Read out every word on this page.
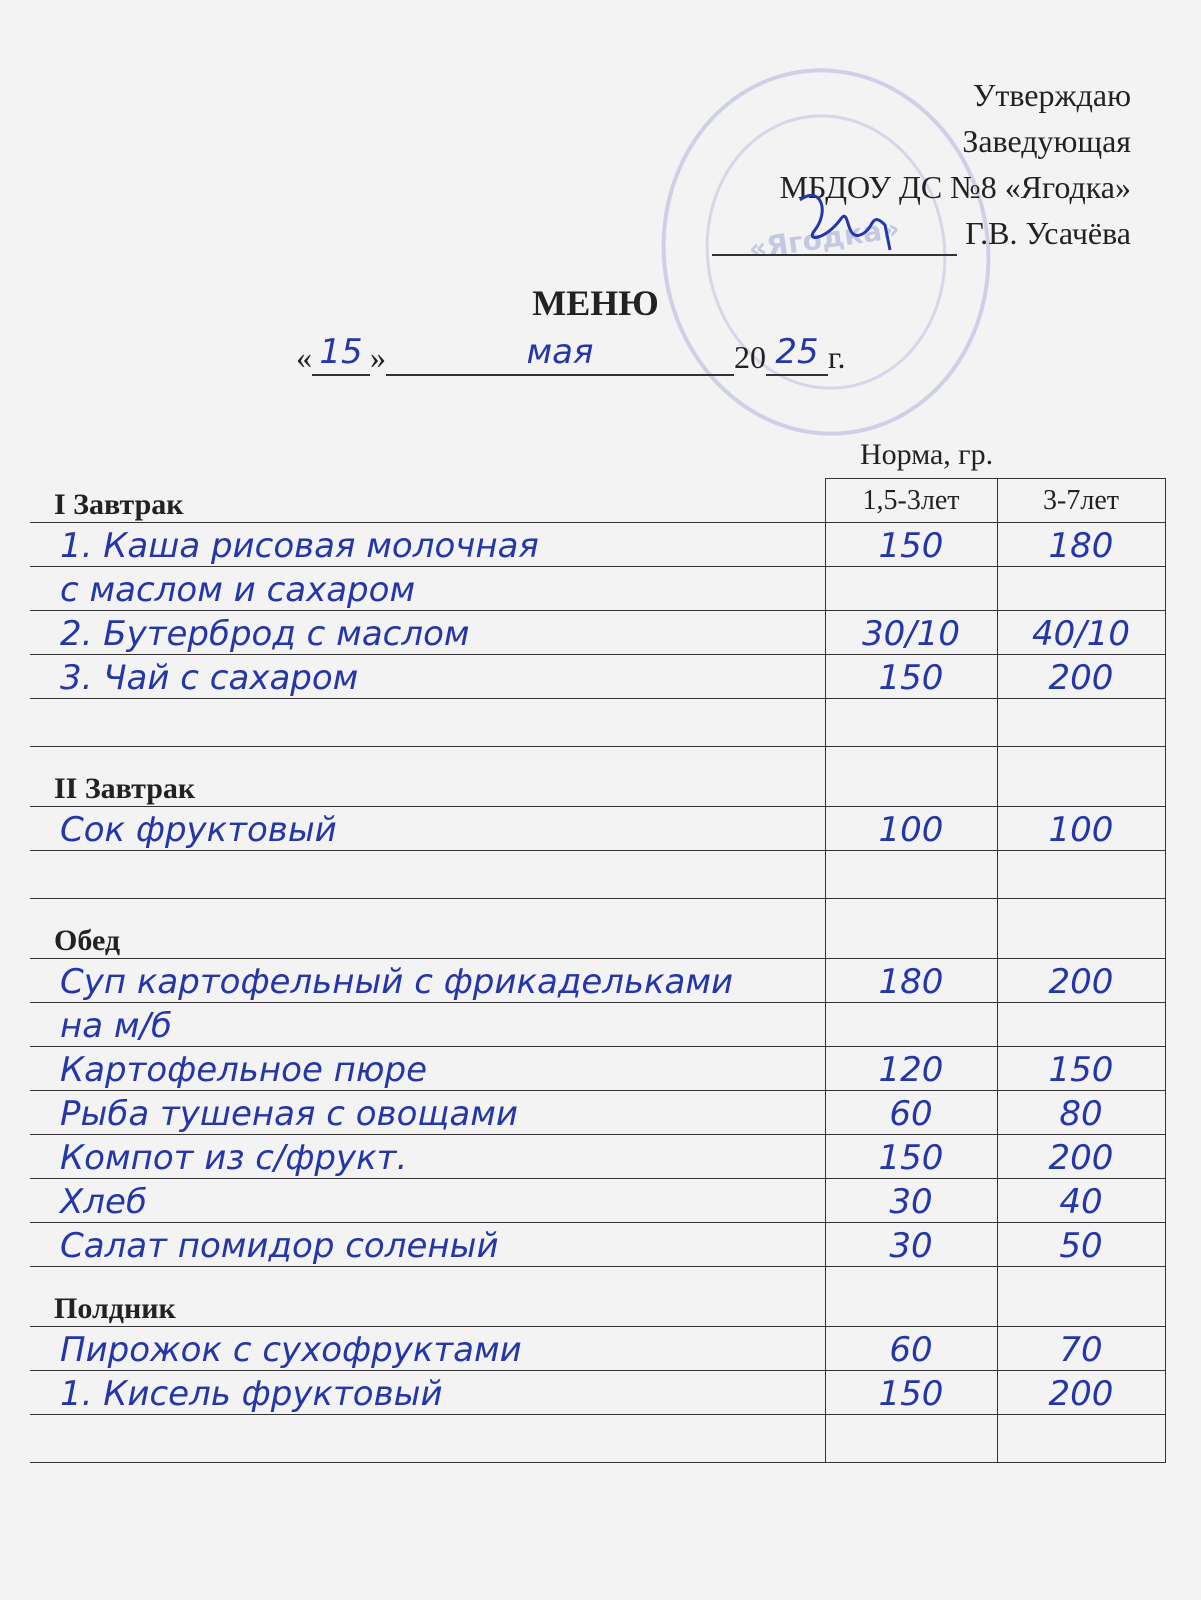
«Ягодка»
Утверждаю
Заведующая
МБДОУ ДС №8 «Ягодка»
Г.В. Усачёва
МЕНЮ
« 15 »	мая	20 25 г.
Норма, гр.
I Завтрак	1,5-3лет	3-7лет

1. Каша рисовая молочная	150	180

с маслом и сахаром		

2. Бутерброд с маслом	30/10	40/10

3. Чай с сахаром	150	200

II Завтрак		

Сок фруктовый	100	100

Обед		

Суп картофельный с фрикадельками	180	200

на м/б		

Картофельное пюре	120	150

Рыба тушеная с овощами	60	80

Компот из с/фрукт.	150	200

Хлеб	30	40

Салат помидор соленый	30	50

Полдник		

Пирожок с сухофруктами	60	70

1. Кисель фруктовый	150	200
